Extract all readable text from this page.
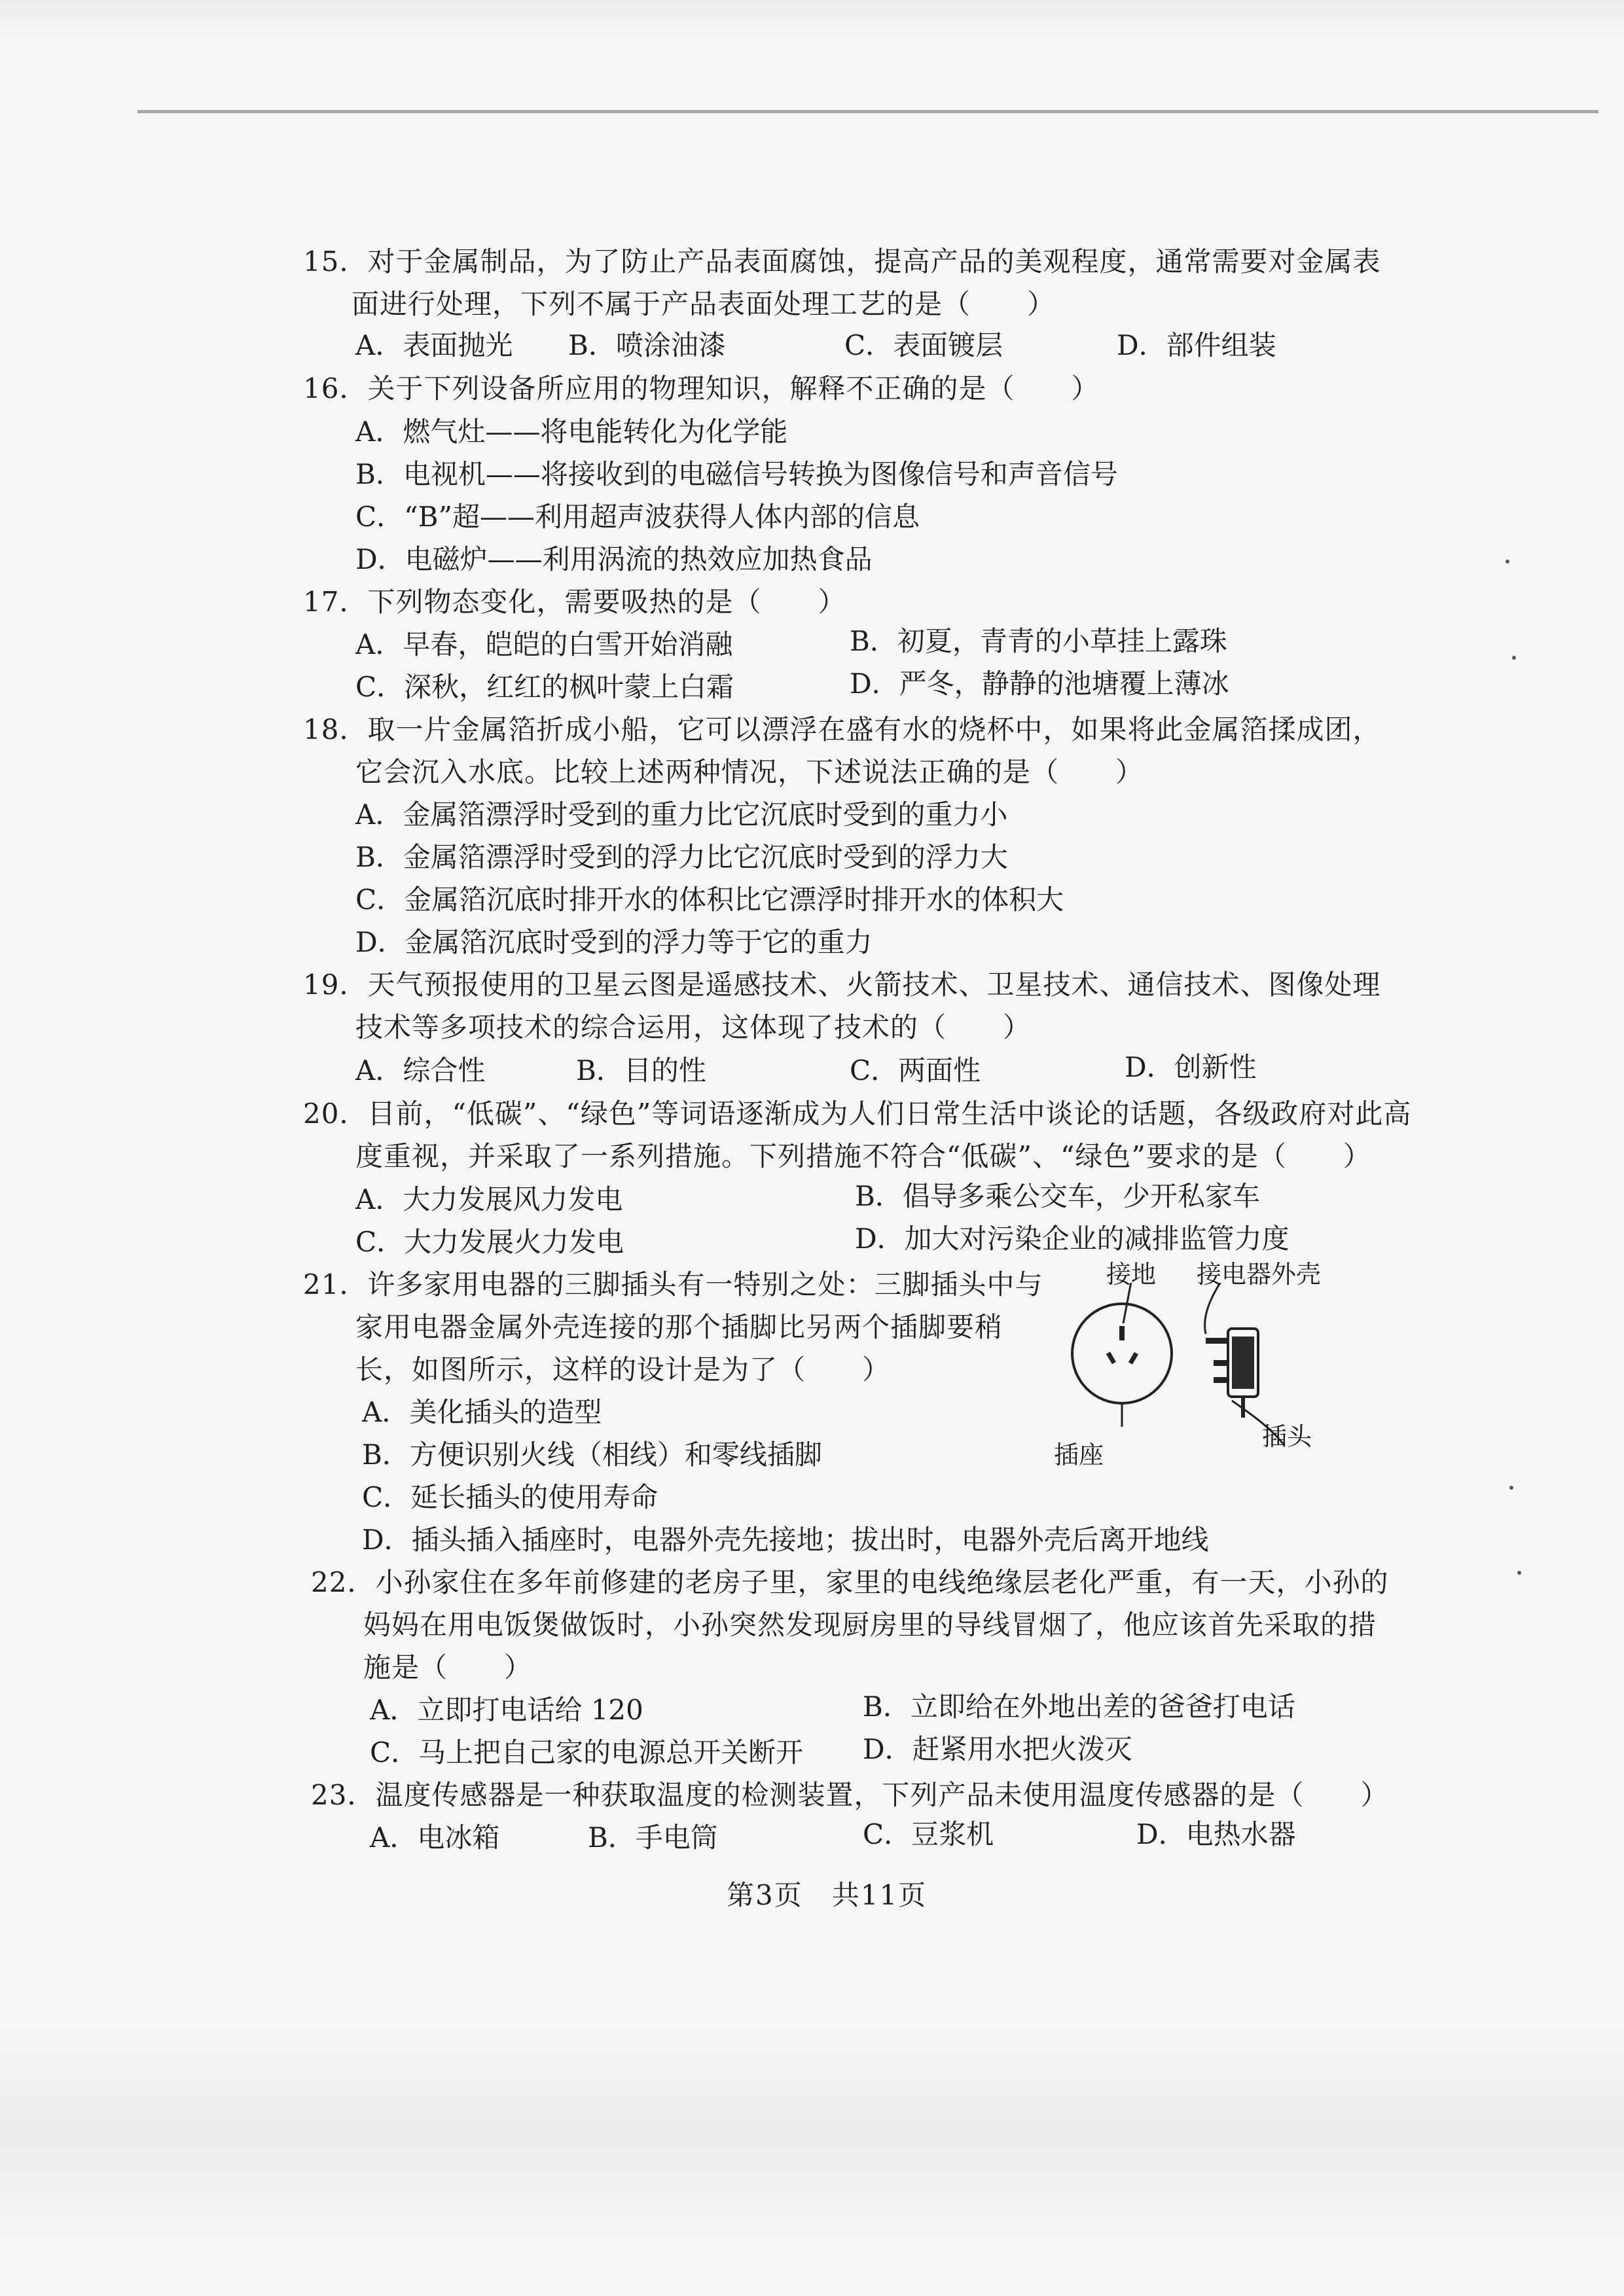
15．对于金属制品，为了防止产品表面腐蚀，提高产品的美观程度，通常需要对金属表
面进行处理，下列不属于产品表面处理工艺的是（　　）
A．表面抛光 B．喷涂油漆	C．表面镀层	D．部件组装
16．关于下列设备所应用的物理知识，解释不正确的是（　　）
A．燃气灶——将电能转化为化学能
B．电视机——将接收到的电磁信号转换为图像信号和声音信号
C．“B”超——利用超声波获得人体内部的信息
D．电磁炉——利用涡流的热效应加热食品
17．下列物态变化，需要吸热的是（　　）
A．早春，皑皑的白雪开始消融	B．初夏，青青的小草挂上露珠
C．深秋，红红的枫叶蒙上白霜	D．严冬，静静的池塘覆上薄冰
18．取一片金属箔折成小船，它可以漂浮在盛有水的烧杯中，如果将此金属箔揉成团，
它会沉入水底。比较上述两种情况，下述说法正确的是（　　）
A．金属箔漂浮时受到的重力比它沉底时受到的重力小
B．金属箔漂浮时受到的浮力比它沉底时受到的浮力大
C．金属箔沉底时排开水的体积比它漂浮时排开水的体积大
D．金属箔沉底时受到的浮力等于它的重力
19．天气预报使用的卫星云图是遥感技术、火箭技术、卫星技术、通信技术、图像处理
技术等多项技术的综合运用，这体现了技术的（　　）
A．综合性	B．目的性	C．两面性	D．创新性
20．目前，“低碳”、“绿色”等词语逐渐成为人们日常生活中谈论的话题，各级政府对此高
度重视，并采取了一系列措施。下列措施不符合“低碳”、“绿色”要求的是（　　）
A．大力发展风力发电	B．倡导多乘公交车，少开私家车
C．大力发展火力发电	D．加大对污染企业的减排监管力度
21．许多家用电器的三脚插头有一特别之处：三脚插头中与
家用电器金属外壳连接的那个插脚比另两个插脚要稍
长，如图所示，这样的设计是为了（　　）
A．美化插头的造型
B．方便识别火线（相线）和零线插脚
C．延长插头的使用寿命
D．插头插入插座时，电器外壳先接地；拔出时，电器外壳后离开地线
接地 接电器外壳
插座
插头
22．小孙家住在多年前修建的老房子里，家里的电线绝缘层老化严重，有一天，小孙的
妈妈在用电饭煲做饭时，小孙突然发现厨房里的导线冒烟了，他应该首先采取的措
施是（　　）
A．立即打电话给 120	B．立即给在外地出差的爸爸打电话
C．马上把自己家的电源总开关断开 D．赶紧用水把火泼灭
23．温度传感器是一种获取温度的检测装置，下列产品未使用温度传感器的是（　　）
A．电冰箱	B．手电筒	C．豆浆机	D．电热水器
第3页　共11页
